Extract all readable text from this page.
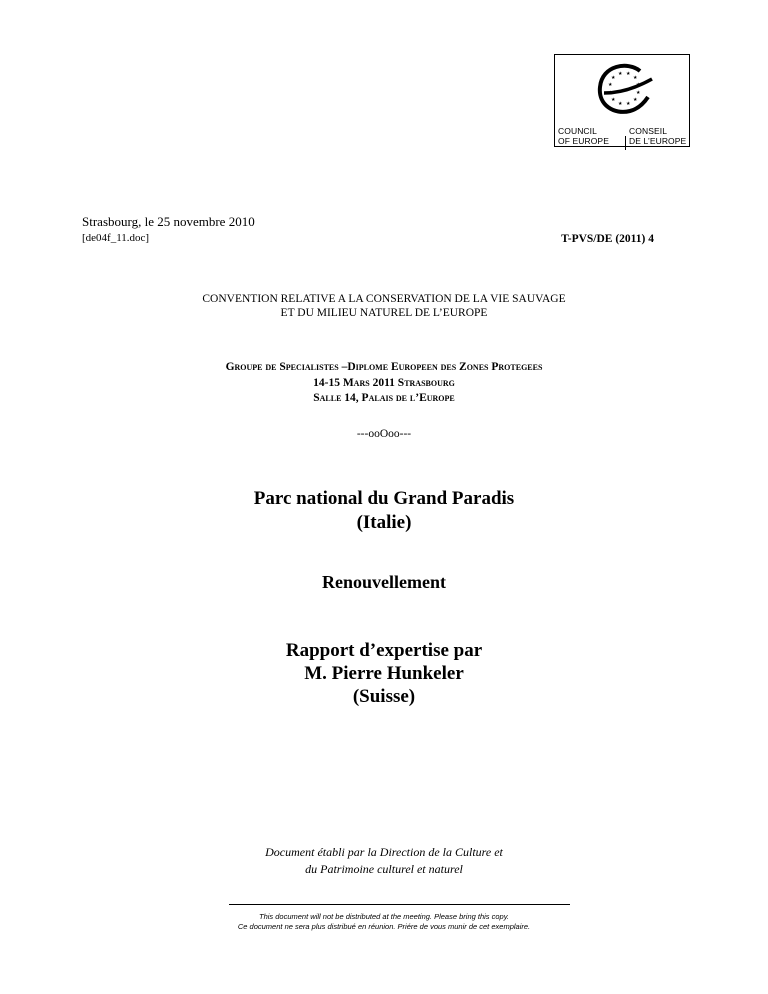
★ ★
★	★
★	★
★	★
★	★
★ ★
COUNCIL
OF EUROPE
CONSEIL
DE L’EUROPE
Strasbourg, le 25 novembre 2010
[de04f_11.doc]	T-PVS/DE (2011) 4
CONVENTION RELATIVE A LA CONSERVATION DE LA VIE SAUVAGE
ET DU MILIEU NATUREL DE L’EUROPE
Groupe de Specialistes –Diplome Europeen des Zones Protegees
14-15 Mars 2011 Strasbourg
Salle 14, Palais de l’Europe
---ooOoo---
Parc national du Grand Paradis
(Italie)
Renouvellement
Rapport d’expertise par
M. Pierre Hunkeler
(Suisse)
Document établi par la Direction de la Culture et
du Patrimoine culturel et naturel
This document will not be distributed at the meeting. Please bring this copy.
Ce document ne sera plus distribué en réunion. Priére de vous munir de cet exemplaire.
